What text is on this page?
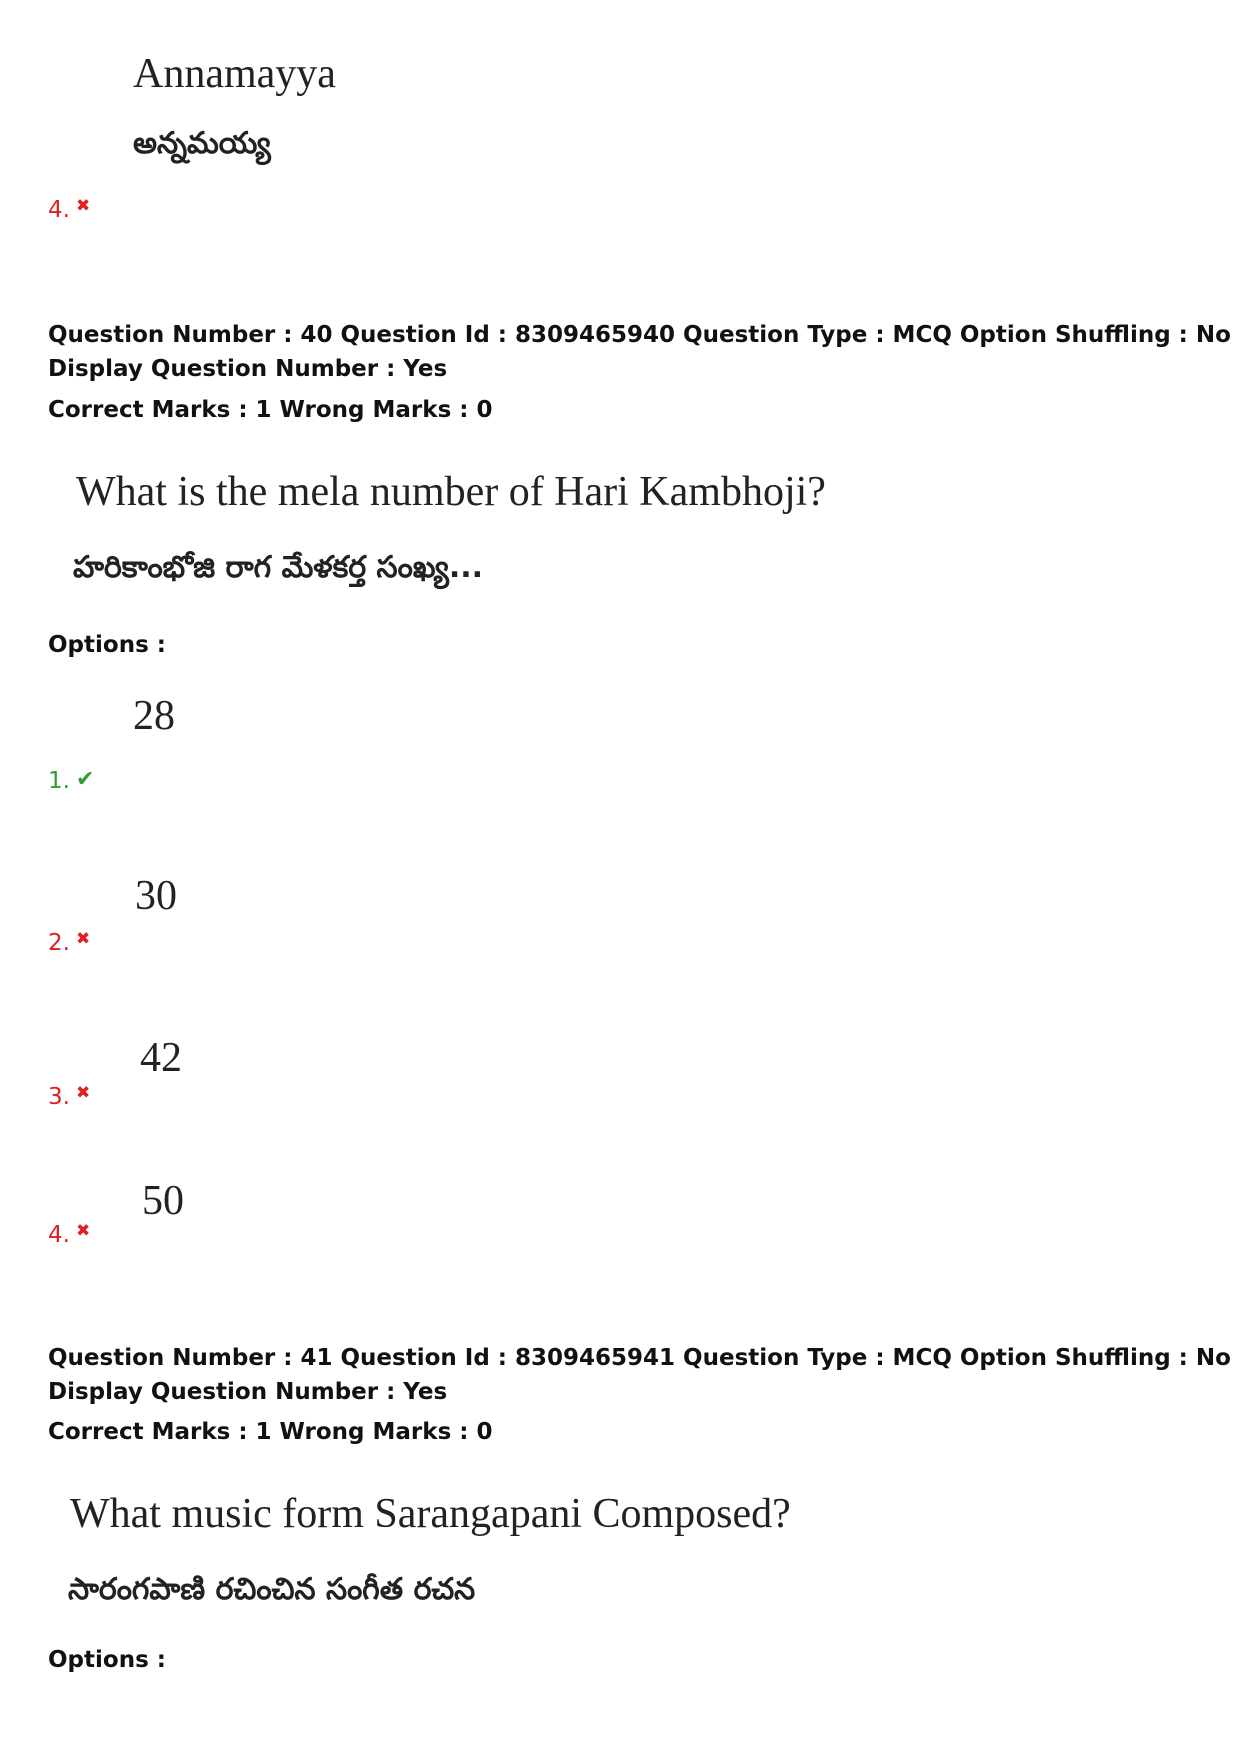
Annamayya
అన్నమయ్య
4. ✖
Question Number : 40 Question Id : 8309465940 Question Type : MCQ Option Shuffling : No
Display Question Number : Yes
Correct Marks : 1 Wrong Marks : 0
What is the mela number of Hari Kambhoji?
హరికాంభోజి రాగ మేళకర్త సంఖ్య...
Options :
28
1. ✔
30
2. ✖
42
3. ✖
50
4. ✖
Question Number : 41 Question Id : 8309465941 Question Type : MCQ Option Shuffling : No
Display Question Number : Yes
Correct Marks : 1 Wrong Marks : 0
What music form Sarangapani Composed?
సారంగపాణి రచించిన సంగీత రచన
Options :
